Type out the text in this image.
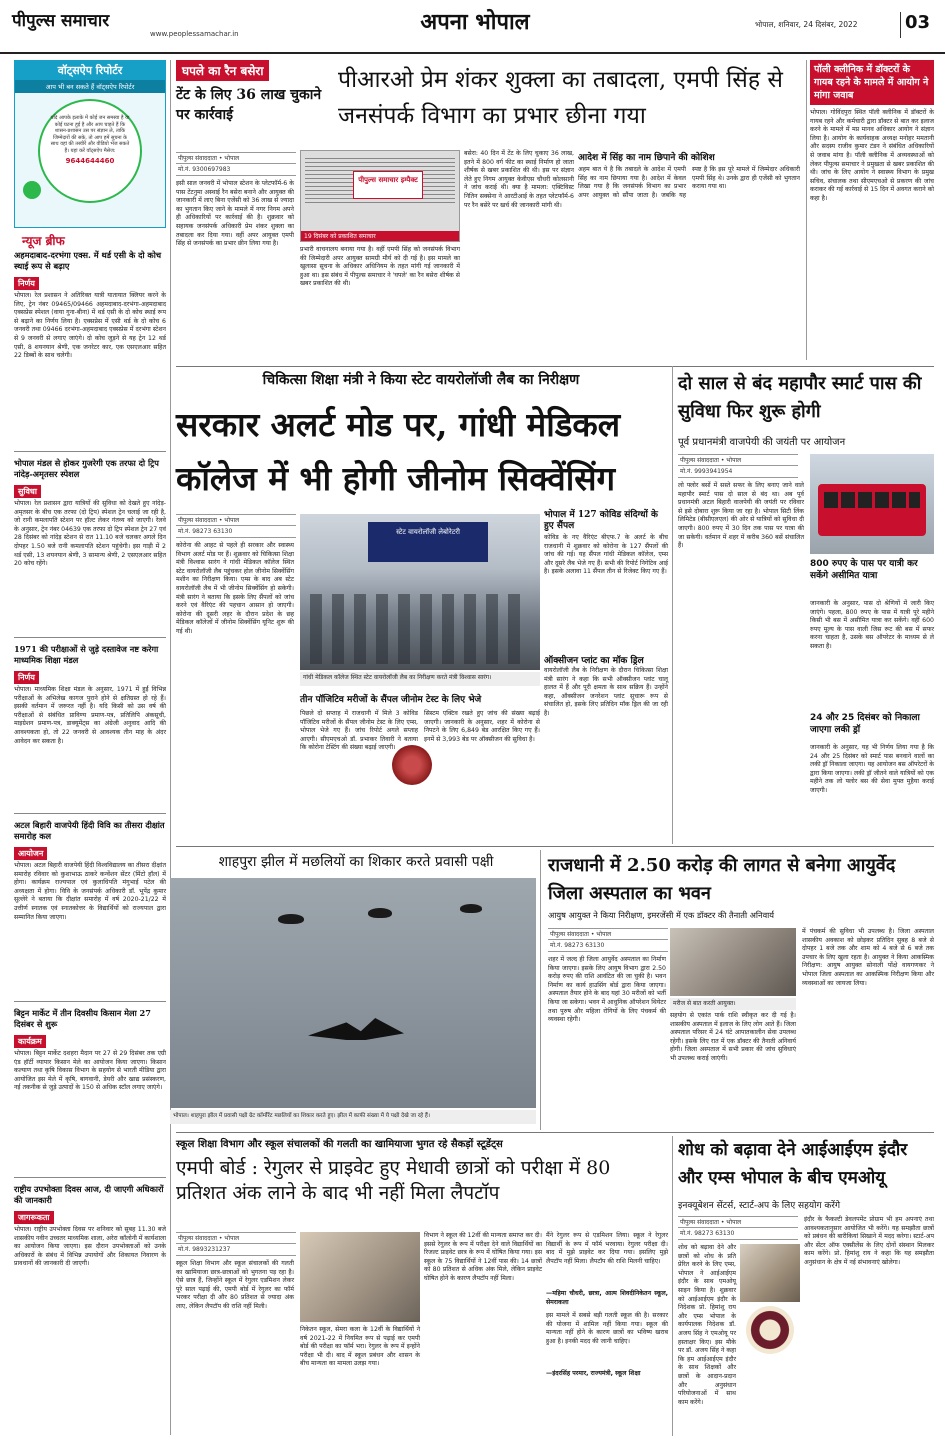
पीपुल्स समाचार
www.peoplessamachar.in	अपना भोपाल	भोपाल, शनिवार, 24 दिसंबर, 2022	03
वॉट्सऐप रिपोर्टर
आप भी बन सकते हैं वॉट्सऐप रिपोर्टर
यदि आपके इलाके में कोई जन समस्या है या कोई घटना हुई है और आप चाहते हैं कि शासन-प्रशासन उस पर संज्ञान ले, ताकि जिम्मेदारों की सके, तो आप हमें सूचना के साथ वहां की तस्वीरें और वीडियो भेज सकते हैं। यहां करें वॉट्सऐप मैसेज:
9644644460
न्यूज ब्रीफ
अहमदाबाद-दरभंगा एक्स. में थर्ड एसी के दो कोच स्थाई रूप से बढ़ाए
निर्णय
भोपाल। रेल प्रशासन ने अतिरिक्त यात्री यातायात क्लियर करने के लिए, ट्रेन नंबर 09465/09466 अहमदाबाद-दरभंगा-अहमदाबाद एक्सप्रेस स्पेशल (वाया गुना-बीना) में थर्ड एसी के दो कोच स्थाई रूप से बढ़ाने का निर्णय लिया है। एक्सप्रेस में एसी थर्ड के दो कोच 6 जनवरी तथा 09466 दरभंगा-अहमदाबाद एक्सप्रेस में दरभंगा स्टेशन से 9 जनवरी से लगाए जाएंगे। दो कोच जुड़ने से यह ट्रेन 12 थर्ड एसी, 8 शयनयान श्रेणी, एक जनरेटर कार, एक एसएलआर सहित 22 डिब्बों के साथ चलेगी।
भोपाल मंडल से होकर गुजरेगी एक तरफा दो ट्रिप नांदेड़-अमृतसर स्पेशल
सुविधा
भोपाल। रेल प्रशासन द्वारा यात्रियों की सुविधा को देखते हुए नांदेड़-अमृतसर के बीच एक तरफा (दो ट्रिप) स्पेशल ट्रेन चलाई जा रही है, जो रानी कमलापति स्टेशन पर हॉल्ट लेकर गंतव्य को जाएगी। रेलवे के अनुसार, ट्रेन नंबर 04639 एक तरफा दो ट्रिप स्पेशल ट्रेन 27 एवं 28 दिसंबर को नांदेड़ स्टेशन से रात 11.10 बजे चलकर अगले दिन दोपहर 1.50 बजे रानी कमलापति स्टेशन पहुंचेगी। इस गाड़ी में 2 थर्ड एसी, 13 शयनयान श्रेणी, 3 सामान्य श्रेणी, 2 एसएलआर सहित 20 कोच रहेंगे।
1971 की परीक्षाओं से जुड़े दस्तावेज नष्ट करेगा माध्यमिक शिक्षा मंडल
निर्णय
भोपाल। माध्यमिक शिक्षा मंडल के अनुसार, 1971 में हुईं विभिन्न परीक्षाओं के अभिलेख कागज पुराने होने से क्षतिग्रस्त हो रहे हैं। इसकी वर्तमान में जरूरत नहीं है। यदि किसी को उस वर्ष की परीक्षाओं से संबंधित प्राविण्य प्रमाण-पत्र, प्रतिलिपि अंकसूची, माइग्रेशन प्रमाण-पत्र, डाक्यूमेंट्स का अंग्रेजी अनुवाद आदि की आवश्यकता हो, तो 22 जनवरी से आवश्यक तीन माह के अंदर आवेदन कर सकता है।
अटल बिहारी वाजपेयी हिंदी विवि का तीसरा दीक्षांत समारोह कल
आयोजन
भोपाल। अटल बिहारी वाजपेयी हिंदी विश्वविद्यालय का तीसरा दीक्षांत समारोह रविवार को कुशाभाऊ ठाकरे कन्वेंशन सेंटर (मिंटो हॉल) में होगा। कार्यक्रम राज्यपाल एवं कुलाधिपति मंगुभाई पटेल की अध्यक्षता में होगा। विवि के जनसंपर्क अधिकारी डॉ. भूपेंद्र कुमार सुल्लेरे ने बताया कि दीक्षांत समारोह में वर्ष 2020-21/22 में उत्तीर्ण स्नातक एवं स्नातकोत्तर के विद्यार्थियों को राज्यपाल द्वारा सम्मानित किया जाएगा।
बिट्टन मार्केट में तीन दिवसीय किसान मेला 27 दिसंबर से शुरू
कार्यक्रम
भोपाल। बिट्टन मार्केट दशहरा मैदान पर 27 से 29 दिसंबर तक एग्री एंड हॉर्टी व्यापार किसान मेले का आयोजन किया जाएगा। किसान कल्याण तथा कृषि विकास विभाग के सहयोग से भारती मीडिया द्वारा आयोजित इस मेले में कृषि, बागवानी, डेयरी और खाद्य प्रसंस्करण, नई तकनीक से जुड़े उत्पादों के 150 से अधिक स्टॉल लगाए जाएंगे।
राष्ट्रीय उपभोक्ता दिवस आज, दी जाएगी अधिकारों की जानकारी
जागरूकता
भोपाल। राष्ट्रीय उपभोक्ता दिवस पर शनिवार को सुबह 11.30 बजे शासकीय नवीन उच्चतर माध्यमिक शाला, अरेरा कॉलोनी में कार्यशाला का आयोजन किया जाएगा। इस दौरान उपभोक्ताओं को उनके अधिकारों के संबंध में विभिन्न उपायोगों और शिकायत निवारण के प्रावधानों की जानकारी दी जाएगी।
घपले का रैन बसेरा
टेंट के लिए 36 लाख चुकाने पर कार्रवाई
पीआरओ प्रेम शंकर शुक्ला का तबादला, एमपी सिंह से जनसंपर्क विभाग का प्रभार छीना गया
पीपुल्स संवाददाता • भोपाल
मो.नं. 9300697983
पीपुल्स समाचार इम्पैक्ट
19 दिसंबर को प्रकाशित समाचार
इसी साल जनवरी में भोपाल स्टेशन के प्लेटफॉर्म-6 के पास टेंटनुमा अस्थाई रैन बसेरा बनाने और आयुक्त की जानकारी में लाए बिना एजेंसी को 36 लाख से ज्यादा का भुगतान किए जाने के मामले में नगर निगम अपने ही अधिकारियों पर कार्रवाई की है। शुक्रवार को सहायक जनसंपर्क अधिकारी प्रेम शंकर शुक्ला का तबादला कर दिया गया। वहीं अपर आयुक्त एमपी सिंह से जनसंपर्क का प्रभार छीन लिया गया है।
प्रभारी वाचनालय बनाया गया है। वहीं एमपी सिंह को जनसंपर्क विभाग की जिम्मेदारी अपर आयुक्त सामग्री मौर्य को दी गई है। इस मामले का खुलासा सूचना के अधिकार अधिनियम के तहत मांगी गई जानकारी में हुआ था। इस संबंध में पीपुल्स समाचार ने 'घपले' का रैन बसेरा शीर्षक से खबर प्रकाशित की थी।
बसेरा: 40 दिन में टेंट के लिए चुकाए 36 लाख, इतने में 800 वर्ग फीट का स्थाई निर्माण हो जाता शीर्षक से खबर प्रकाशित की थी। इस पर संज्ञान लेते हुए निगम आयुक्त केवीएस चौधरी कोलसानी ने जांच कराई थी। क्या है मामला: एक्टिविस्ट नितिन सक्सेना ने आरटीआई के तहत प्लेटफॉर्म-6 पर रैन बसेरे पर खर्च की जानकारी मांगी थी।
आदेश में सिंह का नाम छिपाने की कोशिश
अहम बात ये है कि तबादले के आदेश में एमपी सिंह का नाम छिपाया गया है। आदेश में केवल लिखा गया है कि जनसंपर्क विभाग का प्रभार अपर आयुक्त को सौंपा जाता है। जबकि यह स्पष्ट है कि इस पूरे मामले में जिम्मेदार अधिकारी एमपी सिंह थे। उनके द्वारा ही एजेंसी को भुगतान कराया गया था।
पॉली क्लीनिक में डॉक्टरों के गायब रहने के मामले में आयोग ने मांगा जवाब
भोपाल। गोविंदपुरा स्थित पॉली क्लीनिक में डॉक्टरों के गायब रहने और कर्मचारी द्वारा डॉक्टर से बात कर इलाज करने के मामले में मप्र मानव अधिकार आयोग ने संज्ञान लिया है। आयोग के कार्यवाहक अध्यक्ष मनोहर ममतानी और सदस्य राजीव कुमार टंडन ने संबंधित अधिकारियों से जवाब मांगा है। पॉली क्लीनिक में अव्यवस्थाओं को लेकर पीपुल्स समाचार ने प्रमुखता से खबर प्रकाशित की थी। जांच के लिए आयोग ने स्वास्थ्य विभाग के प्रमुख सचिव, संचालक तथा सीएमएचओ से प्रकरण की जांच कराकर की गई कार्रवाई से 15 दिन में अवगत कराने को कहा है।
चिकित्सा शिक्षा मंत्री ने किया स्टेट वायरोलॉजी लैब का निरीक्षण
सरकार अलर्ट मोड पर, गांधी मेडिकल कॉलेज में भी होगी जीनोम सिक्वेंसिंग
पीपुल्स संवाददाता • भोपाल
मो.नं. 98273 63130
कोरोना की आहट से पहले ही सरकार और स्वास्थ्य विभाग अलर्ट मोड पर हैं। शुक्रवार को चिकित्सा शिक्षा मंत्री विश्वास सारंग ने गांधी मेडिकल कॉलेज स्थित स्टेट वायरोलॉजी लैब पहुंचकर होल जीनोम सिक्वेंसिंग मशीन का निरीक्षण किया। एम्स के बाद अब स्टेट वायरोलॉजी लैब में भी जीनोम सिक्वेंसिंग हो सकेगी। मंत्री सारंग ने बताया कि इसके लिए सैंपलों को जांच करने एवं वैरिएंट की पहचान आसान हो जाएगी। कोरोना की दूसरी लहर के दौरान प्रदेश के छह मेडिकल कॉलेजों में जीनोम सिक्वेंसिंग यूनिट शुरू की गई थी।
स्टेट वायरोलॉजी लेबोरेटरी
गांधी मेडिकल कॉलेज स्थित स्टेट वायरोलॉजी लैब का निरीक्षण करते मंत्री विश्वास सारंग।
तीन पॉजिटिव मरीजों के सैंपल जीनोम टेस्ट के लिए भेजे
पिछले दो सप्ताह में राजधानी में मिले 3 कोविड पॉजिटिव मरीजों के सैंपल जीनोम टेस्ट के लिए एम्स, भोपाल भेजे गए हैं। जांच रिपोर्ट अगले सप्ताह आएगी। सीएमएचओ डॉ. प्रभाकर तिवारी ने बताया कि कोरोना टेस्टिंग की संख्या बढ़ाई जाएगी।
सिस्टम एक्टिव रखते हुए जांच की संख्या बढ़ाई जाएगी। जानकारी के अनुसार, शहर में कोरोना से निपटने के लिए 6,849 बेड आरक्षित किए गए हैं। इनमें से 3,993 बेड पर ऑक्सीजन की सुविधा है।
भोपाल में 127 कोविड संदिग्धों के हुए सैंपल
कोविड के नए वैरिएंट बीएफ.7 के अलर्ट के बीच राजधानी में शुक्रवार को कोरोना के 127 सैंपलों की जांच की गई। यह सैंपल गांधी मेडिकल कॉलेज, एम्स और दूसरे लैब भेजे गए हैं। सभी की रिपोर्ट निगेटिव आई है। इसके अलावा 11 सैंपल तीन से रिजेक्ट किए गए हैं।
ऑक्सीजन प्लांट का मॉक ड्रिल
वायरोलॉजी लैब के निरीक्षण के दौरान चिकित्सा शिक्षा मंत्री सारंग ने कहा कि सभी ऑक्सीजन प्लांट चालू हालत में हैं और पूरी क्षमता के साथ सक्रिय हैं। उन्होंने कहा, ऑक्सीजन जनरेशन प्लांट सुचारू रूप से संचालित हो, इसके लिए प्रतिदिन मॉक ड्रिल की जा रही है।
दो साल से बंद महापौर स्मार्ट पास की सुविधा फिर शुरू होगी
पूर्व प्रधानमंत्री वाजपेयी की जयंती पर आयोजन
पीपुल्स संवाददाता • भोपाल
मो.नं. 9993941954
लो फ्लोर बसों में सस्ते सफर के लिए बनाए जाने वाले महापौर स्मार्ट पास दो साल से बंद था। अब पूर्व प्रधानमंत्री अटल बिहारी वाजपेयी की जयंती पर रविवार से इसे दोबारा शुरू किया जा रहा है। भोपाल सिटी लिंक लिमिटेड (बीसीएलएल) की ओर से यात्रियों को सुविधा दी जाएगी। 800 रुपए में 30 दिन तक पास पर यात्रा की जा सकेगी। वर्तमान में शहर में करीब 360 बसें संचालित हैं।
800 रुपए के पास पर यात्री कर सकेंगे असीमित यात्रा
जानकारी के अनुसार, पास दो श्रेणियों में जारी किए जाएंगे। पहला, 800 रुपए के पास में यात्री पूरे महीने किसी भी बस में असीमित यात्रा कर सकेंगे। वहीं 600 रुपए मूल्य के पास वाली जिस रूट की बस में सफर करना चाहता है, उसके बस ऑपरेटर के माध्यम से ले सकता है।
24 और 25 दिसंबर को निकाला जाएगा लकी ड्रॉ
जानकारी के अनुसार, यह भी निर्णय लिया गया है कि 24 और 25 दिसंबर को स्मार्ट पास बनवाने वालों का लकी ड्रॉ निकाला जाएगा। यह आयोजन बस ऑपरेटरों के द्वारा किया जाएगा। लकी ड्रॉ जीतने वाले यात्रियों को एक महीने तक लो फ्लोर बस की सेवा मुफ्त मुहैया कराई जाएगी।
शाहपुरा झील में मछलियों का शिकार करते प्रवासी पक्षी
भोपाल। शाहपुरा झील में प्रवासी पक्षी ग्रेट कॉर्मोरेंट मछलियों का शिकार करते हुए। झील में काफी संख्या में ये पक्षी देखे जा रहे हैं।
राजधानी में 2.50 करोड़ की लागत से बनेगा आयुर्वेद जिला अस्पताल का भवन
आयुष आयुक्त ने किया निरीक्षण, इमरजेंसी में एक डॉक्टर की तैनाती अनिवार्य
पीपुल्स संवाददाता • भोपाल
मो.नं. 98273 63130
शहर में जल्द ही जिला आयुर्वेद अस्पताल का निर्माण किया जाएगा। इसके लिए आयुष विभाग द्वारा 2.50 करोड़ रुपए की राशि आवंटित की जा चुकी है। भवन निर्माण का कार्य हाउसिंग बोर्ड द्वारा किया जाएगा। अस्पताल तैयार होने के बाद यहां 30 मरीजों को भर्ती किया जा सकेगा। भवन में आधुनिक ऑपरेशन थियेटर तथा पुरुष और महिला रोगियों के लिए पंचकर्म की व्यवस्था रहेगी।
मरीज से बात करती आयुक्त।
सहयोग से एकांत पार्क राशि स्वीकृत कर दी गई है। शासकीय अस्पताल में इलाज के लिए लोग आते हैं। जिला अस्पताल परिसर में 24 घंटे आपातकालीन सेवा उपलब्ध रहेगी। इसके लिए रात में एक डॉक्टर की तैनाती अनिवार्य होगी। जिला अस्पताल में सभी प्रकार की जांच सुविधाएं भी उपलब्ध कराई जाएंगी।
में पंचकर्म की सुविधा भी उपलब्ध है। जिला अस्पताल शासकीय अवकाश को छोड़कर प्रतिदिन सुबह 8 बजे से दोपहर 1 बजे तक और शाम को 4 बजे से 6 बजे तक उपचार के लिए खुला रहता है। आयुक्त ने किया आकस्मिक निरीक्षण: आयुष आयुक्त सोनाली पोंक्षे वायगणकर ने भोपाल जिला अस्पताल का आकस्मिक निरीक्षण किया और व्यवस्थाओं का जायजा लिया।
स्कूल शिक्षा विभाग और स्कूल संचालकों की गलती का खामियाजा भुगत रहे सैकड़ों स्टूडेंट्स
एमपी बोर्ड : रेगुलर से प्राइवेट हुए मेधावी छात्रों को परीक्षा में 80 प्रतिशत अंक लाने के बाद भी नहीं मिला लैपटॉप
पीपुल्स संवाददाता • भोपाल
मो.नं. 9893231237
स्कूल शिक्षा विभाग और स्कूल संचालकों की गलती का खामियाजा छात्र-छात्राओं को भुगतना पड़ रहा है। ऐसे छात्र हैं, जिन्होंने स्कूल में रेगुलर एडमिशन लेकर पूरे साल पढ़ाई की, एमपी बोर्ड में रेगुलर का फॉर्म भरकर परीक्षा दी और 80 प्रतिशत से ज्यादा अंक लाए, लेकिन लैपटॉप की राशि नहीं मिली।
निकेतन स्कूल, सेमरा कला के 12वीं के विद्यार्थियों ने वर्ष 2021-22 में नियमित रूप से पढ़ाई कर एमपी बोर्ड की परीक्षा का फॉर्म भरा। रेगुलर के रूप में इन्होंने परीक्षा भी दी। बाद में स्कूल प्रबंधन और शासन के बीच मान्यता का मामला उलझ गया।
विभाग ने स्कूल की 12वीं की मान्यता समाप्त कर दी। इससे रेगुलर के रूप में परीक्षा देने वाले विद्यार्थियों का रिजल्ट प्राइवेट छात्र के रूप में घोषित किया गया। इस स्कूल के 75 विद्यार्थियों ने 12वीं पास की। 14 छात्रों को 80 प्रतिशत से अधिक अंक मिले, लेकिन प्राइवेट घोषित होने के कारण लैपटॉप नहीं मिला।
मैंने रेगुलर रूप से एडमिशन लिया। स्कूल ने रेगुलर विद्यार्थी के रूप में फॉर्म भरवाया। रेगुलर परीक्षा दी। बाद में मुझे प्राइवेट कर दिया गया। इसलिए मुझे लैपटॉप नहीं मिला। लैपटॉप की राशि मिलनी चाहिए।
—महिमा चौधरी, छात्रा, आत्म शिवदीनिकेतन स्कूल, सेमराकला
इस मामले में सबसे बड़ी गलती स्कूल की है। सरकार की योजना में शामिल नहीं किया गया। स्कूल की मान्यता नहीं होने के कारण छात्रों का भविष्य खराब हुआ है। इनकी मदद की जानी चाहिए।
—इंदरसिंह परमार, राज्यमंत्री, स्कूल शिक्षा
शोध को बढ़ावा देने आईआईएम इंदौर और एम्स भोपाल के बीच एमओयू
इनक्यूबेशन सेंटर्स, स्टार्ट-अप के लिए सहयोग करेंगे
पीपुल्स संवाददाता • भोपाल
मो.नं. 98273 63130
शोध को बढ़ावा देने और छात्रों को शोध के प्रति प्रेरित करने के लिए एम्स, भोपाल ने आईआईएम इंदौर के साथ एमओयू साइन किया है। शुक्रवार को आईआईएम इंदौर के निदेशक प्रो. हिमांशु राय और एम्स भोपाल के कार्यपालक निदेशक डॉ. अजय सिंह ने एमओयू पर हस्ताक्षर किए। इस मौके पर डॉ. अजय सिंह ने कहा कि हम आईआईएम इंदौर के साथ शिक्षकों और छात्रों के आदान-प्रदान और अनुसंधान परियोजनाओं में साथ काम करेंगे।
इंदौर के फैकल्टी डेवलपमेंट प्रोग्राम भी हम अपनाएं तथा आवश्यकतानुसार आयोजित भी करेंगे। यह समझौता छात्रों को प्रबंधन की बारीकियां सिखाने में मदद करेगा। स्टार्ट-अप और सेंटर ऑफ एक्सीलेंस के लिए दोनों संस्थान मिलकर काम करेंगे। प्रो. हिमांशु राय ने कहा कि यह समझौता अनुसंधान के क्षेत्र में नई संभावनाएं खोलेगा।
